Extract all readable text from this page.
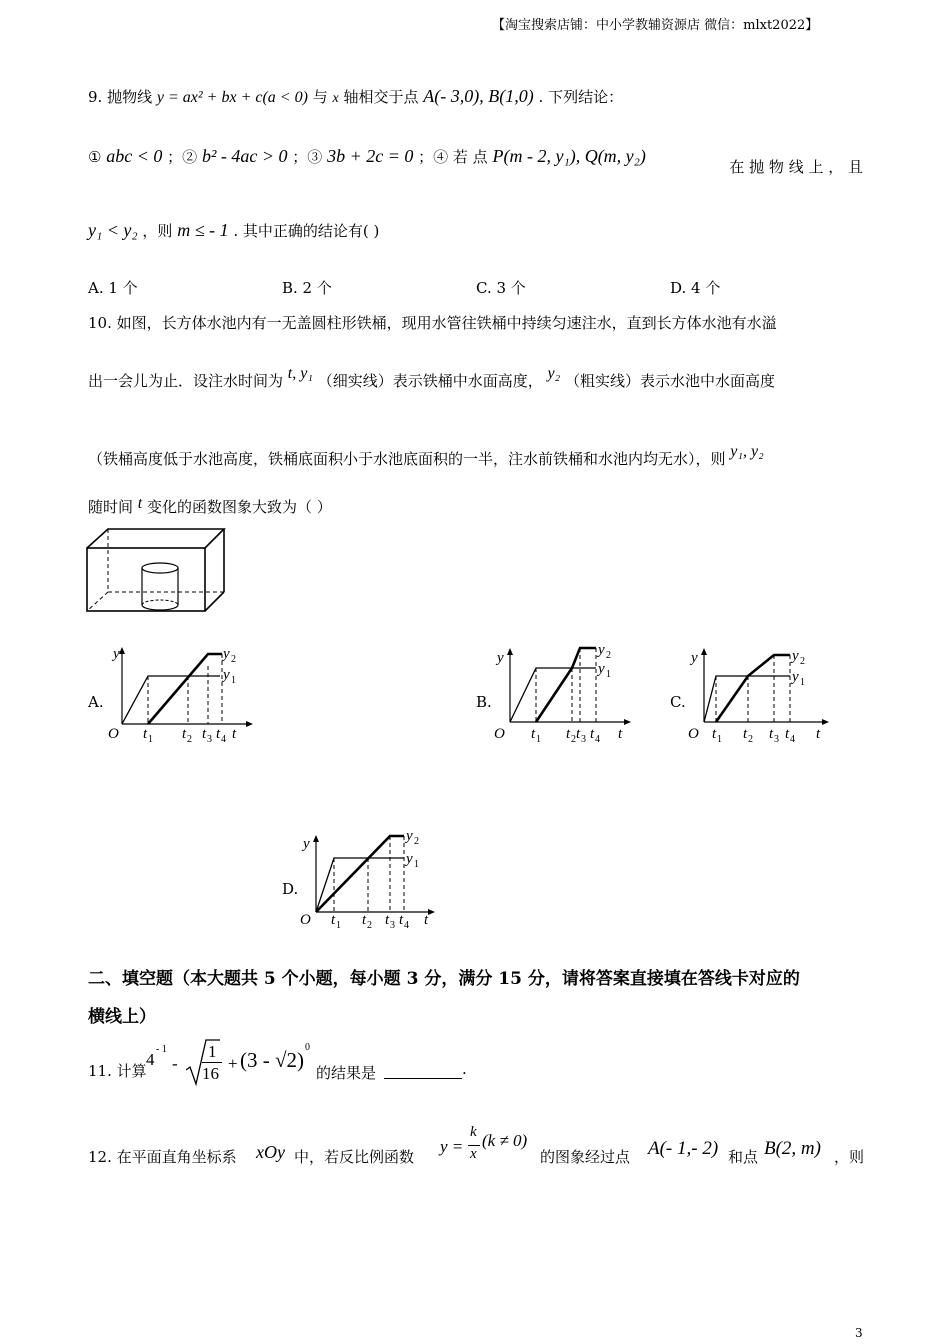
【淘宝搜索店铺：中小学教辅资源店 微信：mlxt2022】
9. 抛物线 y = ax² + bx + c(a < 0) 与 x 轴相交于点 A(- 3,0), B(1,0) . 下列结论：
① abc < 0 ；② b² - 4ac > 0 ；③ 3b + 2c = 0 ；④ 若 点 P(m - 2, y₁), Q(m, y₂)
在 抛 物 线 上 ， 且
y₁ < y₂ ，则 m ≤ - 1 . 其中正确的结论有( )
A. 1 个	B. 2 个	C. 3 个	D. 4 个
10. 如图，长方体水池内有一无盖圆柱形铁桶，现用水管往铁桶中持续匀速注水，直到长方体水池有水溢
出一会儿为止．设注水时间为 t, y₁ （细实线）表示铁桶中水面高度， y₂ （粗实线）表示水池中水面高度
（铁桶高度低于水池高度，铁桶底面积小于水池底面积的一半，注水前铁桶和水池内均无水），则 y₁, y₂
随时间 t 变化的函数图象大致为（ ）
A.	B.	C.
D.
y
O	t
y 2
y 1
t 1 t 2 t 3 t 4
y
O	t
y 2
y 1
t 1 t 2 t 3 t 4
y
O	t
y 2
y 1
t 1 t 2 t 3 t 4
y
O	t
y 2
y 1
t 1 t 2 t 3 t 4
二、填空题（本大题共 5 个小题，每小题 3 分，满分 15 分，请将答案直接填在答线卡对应的
横线上）
11. 计算
4
- 1
-
1
16
+ (3 - √2)
0
的结果是	.
12. 在平面直角坐标系 xOy 中，若反比例函数
y =
k
x
(k ≠ 0)
的图象经过点 A(- 1,- 2) 和点 B(2, m) ，则
3
